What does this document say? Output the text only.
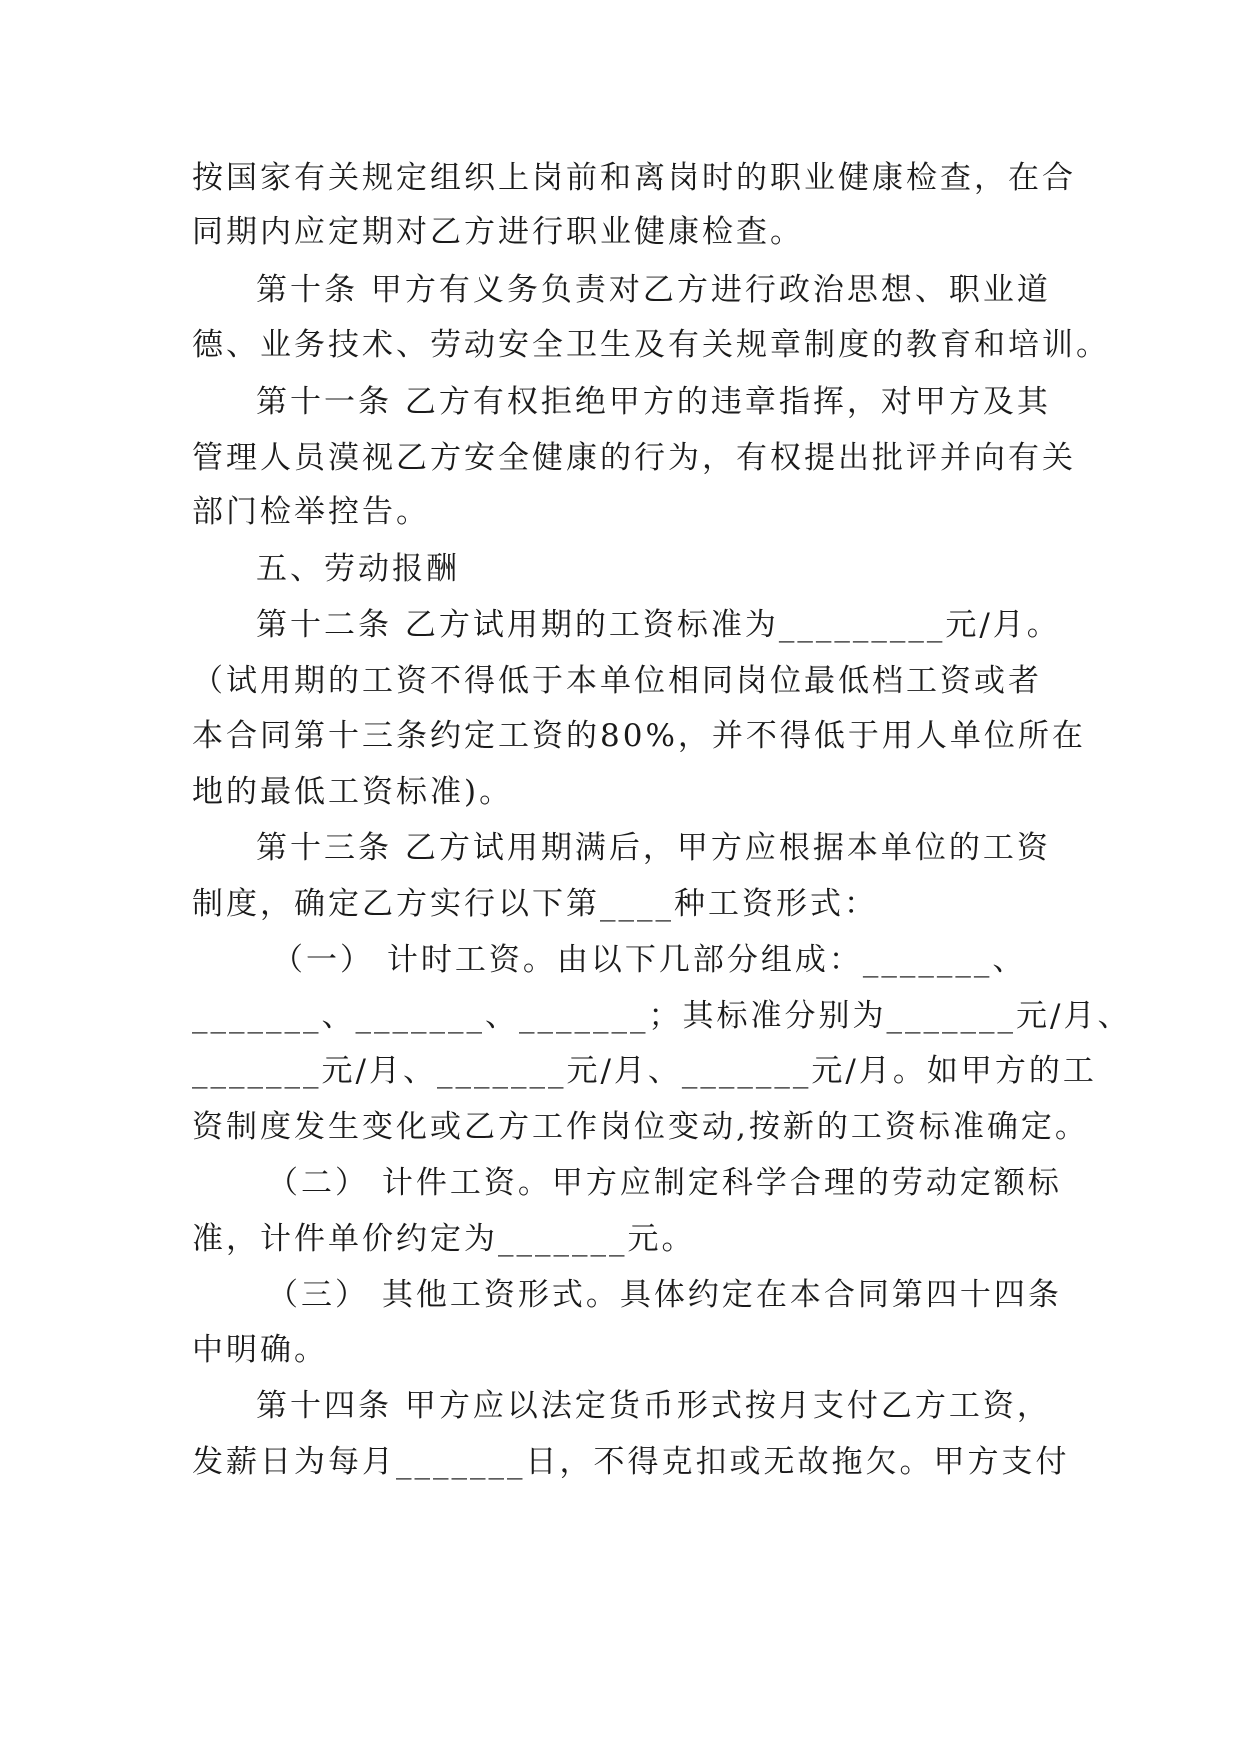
按国家有关规定组织上岗前和离岗时的职业健康检查，在合
同期内应定期对乙方进行职业健康检查。
第十条 甲方有义务负责对乙方进行政治思想、职业道
德、业务技术、劳动安全卫生及有关规章制度的教育和培训。
第十一条 乙方有权拒绝甲方的违章指挥，对甲方及其
管理人员漠视乙方安全健康的行为，有权提出批评并向有关
部门检举控告。
五、劳动报酬
第十二条 乙方试用期的工资标准为_________元/月。
（试用期的工资不得低于本单位相同岗位最低档工资或者
本合同第十三条约定工资的80%，并不得低于用人单位所在
地的最低工资标准)。
第十三条 乙方试用期满后，甲方应根据本单位的工资
制度，确定乙方实行以下第____种工资形式：
（一） 计时工资。由以下几部分组成：_______、
_______、_______、_______；其标准分别为_______元/月、
_______元/月、_______元/月、_______元/月。如甲方的工
资制度发生变化或乙方工作岗位变动,按新的工资标准确定。
（二） 计件工资。甲方应制定科学合理的劳动定额标
准，计件单价约定为_______元。
（三） 其他工资形式。具体约定在本合同第四十四条
中明确。
第十四条 甲方应以法定货币形式按月支付乙方工资，
发薪日为每月_______日，不得克扣或无故拖欠。甲方支付
